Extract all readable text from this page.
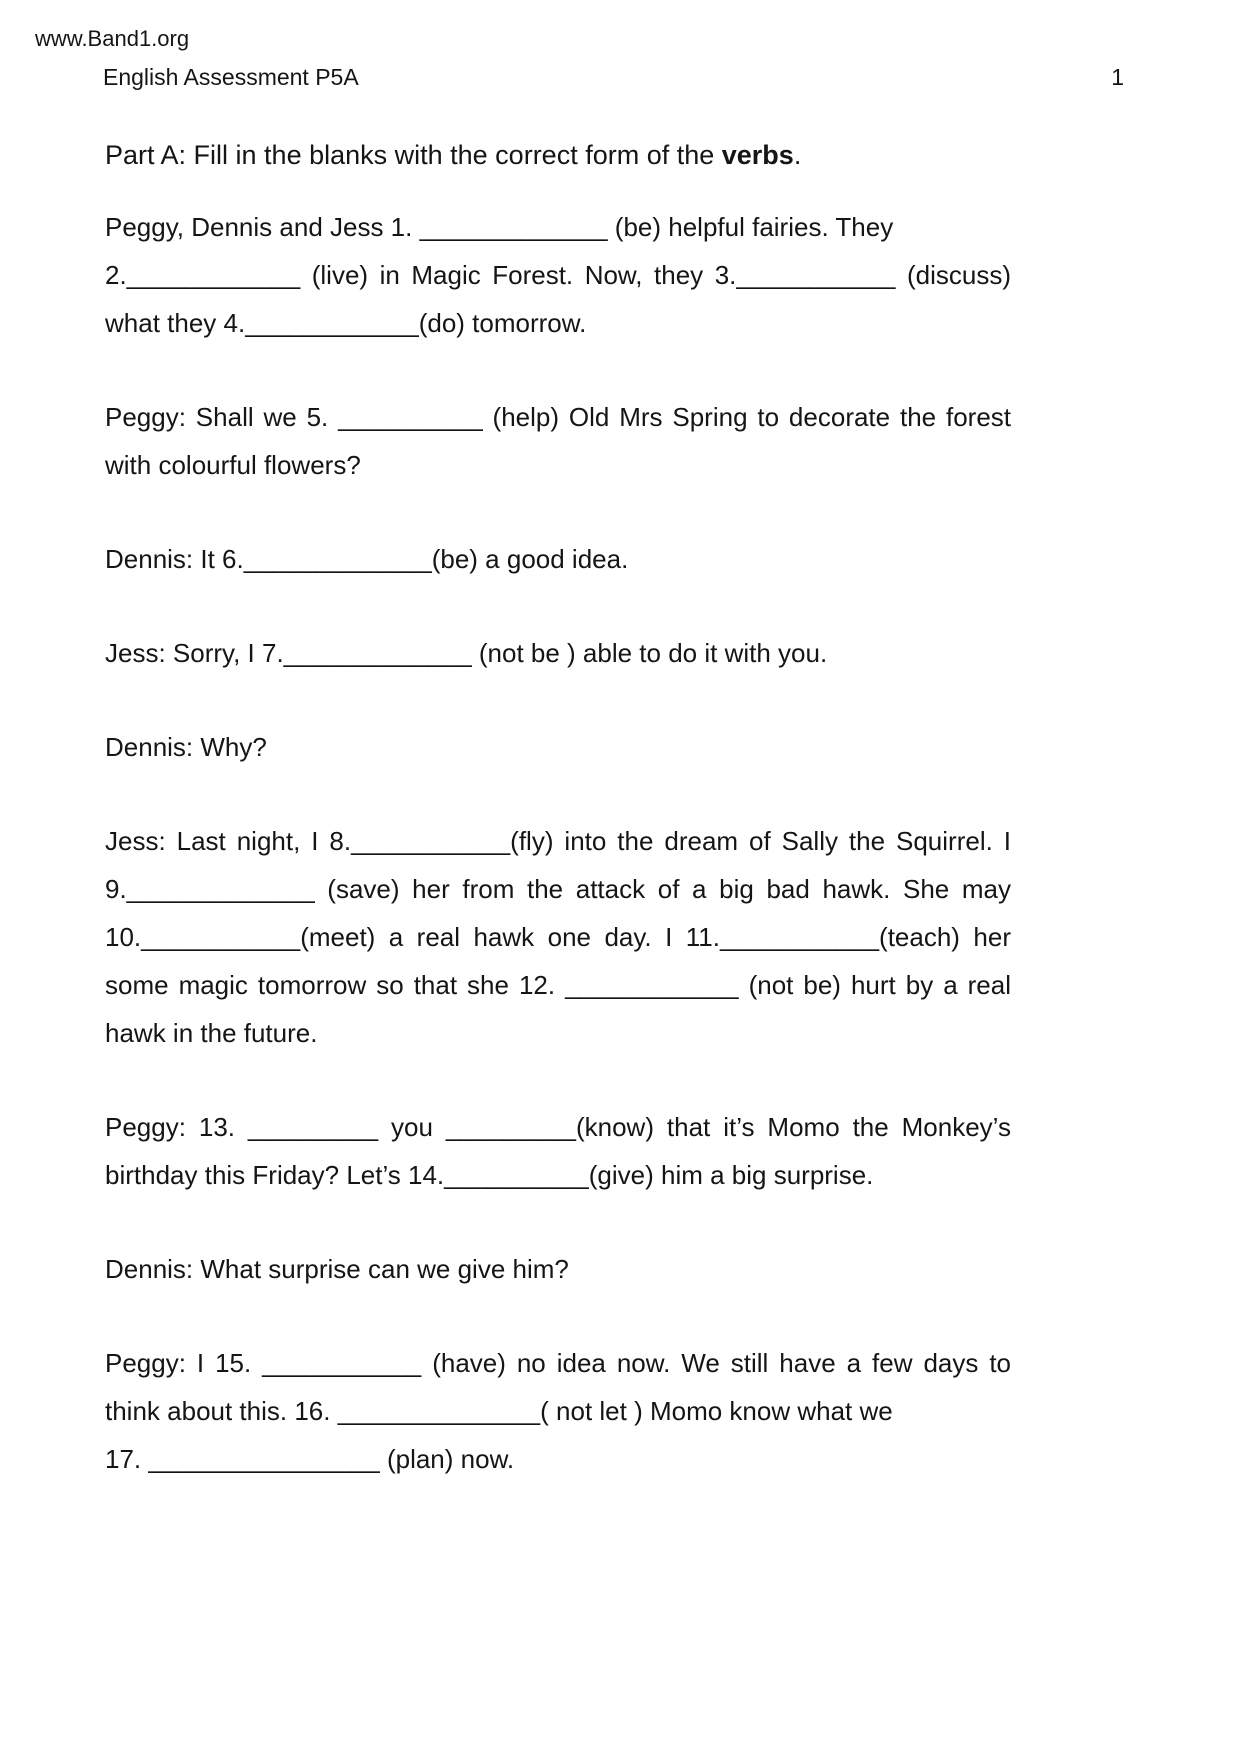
www.Band1.org
English Assessment P5A	1
Part A: Fill in the blanks with the correct form of the verbs.
Peggy, Dennis and Jess 1. _____________ (be) helpful fairies. They
2.____________ (live) in Magic Forest. Now, they 3.___________ (discuss)
what they 4.____________(do) tomorrow.
Peggy: Shall we 5. __________ (help) Old Mrs Spring to decorate the forest
with colourful flowers?
Dennis: It 6._____________(be) a good idea.
Jess: Sorry, I 7._____________ (not be ) able to do it with you.
Dennis: Why?
Jess: Last night, I 8.___________(fly) into the dream of Sally the Squirrel. I
9._____________ (save) her from the attack of a big bad hawk. She may
10.___________(meet) a real hawk one day. I 11.___________(teach) her
some magic tomorrow so that she 12. ____________ (not be) hurt by a real
hawk in the future.
Peggy: 13. _________ you _________(know) that it’s Momo the Monkey’s
birthday this Friday? Let’s 14.__________(give) him a big surprise.
Dennis: What surprise can we give him?
Peggy: I 15. ___________ (have) no idea now. We still have a few days to
think about this. 16. ______________( not let ) Momo know what we
17. ________________ (plan) now.
